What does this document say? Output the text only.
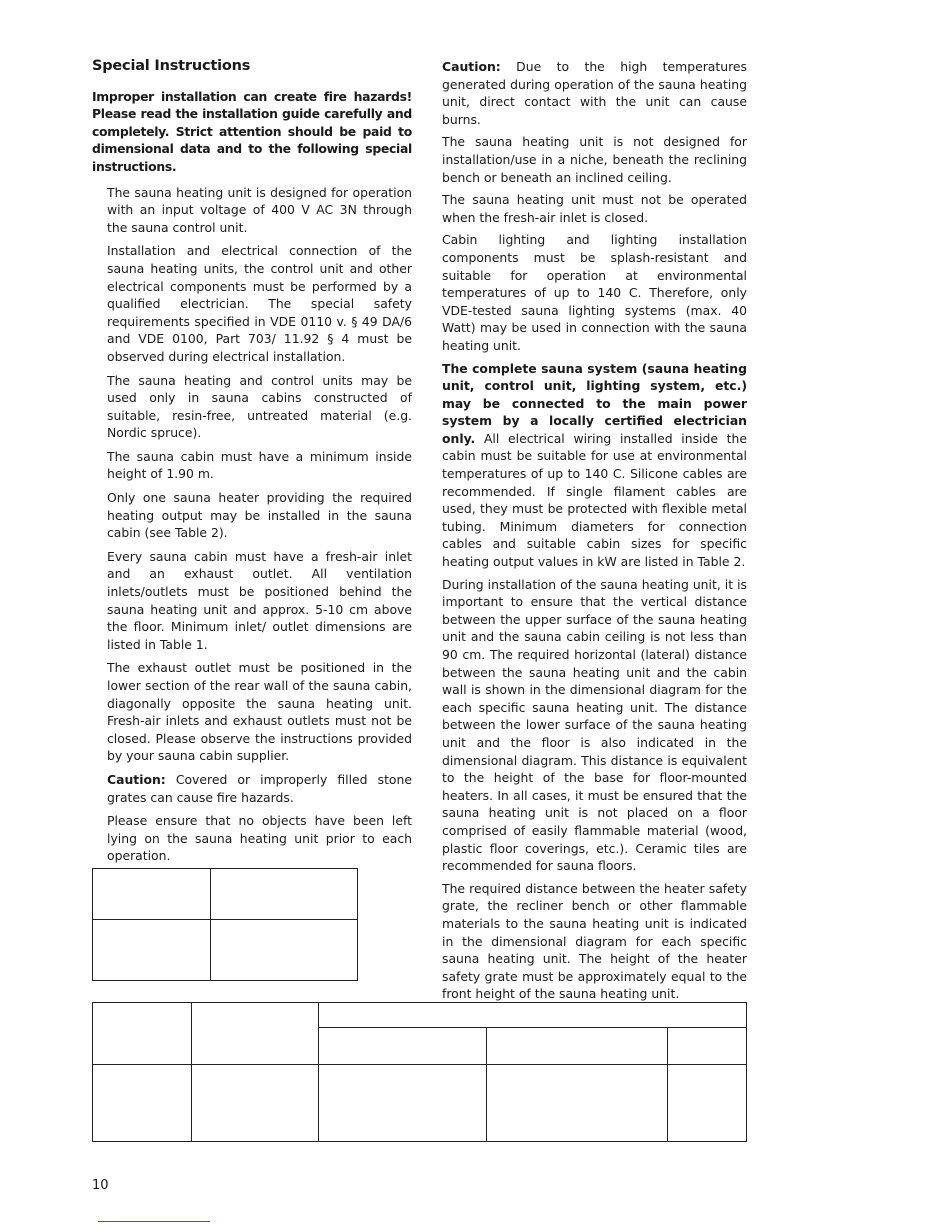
Special Instructions

Improper installation can create fire hazards! Please read the installation guide carefully and completely. Strict attention should be paid to dimensional data and to the following special instructions.

The sauna heating unit is designed for operation with an input voltage of 400 V AC 3N through the sauna control unit.

Installation and electrical connection of the sauna heating units, the control unit and other electrical components must be performed by a qualified electrician. The special safety requirements specified in VDE 0110 v. § 49 DA/6 and VDE 0100, Part 703/ 11.92 § 4 must be observed during electrical installation.

The sauna heating and control units may be used only in sauna cabins constructed of suitable, resin-free, untreated material (e.g. Nordic spruce).

The sauna cabin must have a minimum inside height of 1.90 m.

Only one sauna heater providing the required heating output may be installed in the sauna cabin (see Table 2).

Every sauna cabin must have a fresh-air inlet and an exhaust outlet. All ventilation inlets/outlets must be positioned behind the sauna heating unit and approx. 5-10 cm above the floor. Minimum inlet/ outlet dimensions are listed in Table 1.

The exhaust outlet must be positioned in the lower section of the rear wall of the sauna cabin, diagonally opposite the sauna heating unit. Fresh-air inlets and exhaust outlets must not be closed. Please observe the instructions provided by your sauna cabin supplier.

Caution: Covered or improperly filled stone grates can cause fire hazards.

Please ensure that no objects have been left lying on the sauna heating unit prior to each operation.

Caution: Due to the high temperatures generated during operation of the sauna heating unit, direct contact with the unit can cause burns.

The sauna heating unit is not designed for installation/use in a niche, beneath the reclining bench or beneath an inclined ceiling.

The sauna heating unit must not be operated when the fresh-air inlet is closed.

Cabin lighting and lighting installation components must be splash-resistant and suitable for operation at environmental temperatures of up to 140 C. Therefore, only VDE-tested sauna lighting systems (max. 40 Watt) may be used in connection with the sauna heating unit.

The complete sauna system (sauna heating unit, control unit, lighting system, etc.) may be connected to the main power system by a locally certified electrician only. All electrical wiring installed inside the cabin must be suitable for use at environmental temperatures of up to 140 C. Silicone cables are recommended. If single filament cables are used, they must be protected with flexible metal tubing. Minimum diameters for connection cables and suitable cabin sizes for specific heating output values in kW are listed in Table 2.

During installation of the sauna heating unit, it is important to ensure that the vertical distance between the upper surface of the sauna heating unit and the sauna cabin ceiling is not less than 90 cm. The required horizontal (lateral) distance between the sauna heating unit and the cabin wall is shown in the dimensional diagram for the each specific sauna heating unit. The distance between the lower surface of the sauna heating unit and the floor is also indicated in the dimensional diagram. This distance is equivalent to the height of the base for floor-mounted heaters. In all cases, it must be ensured that the sauna heating unit is not placed on a floor comprised of easily flammable material (wood, plastic floor coverings, etc.). Ceramic tiles are recommended for sauna floors.

The required distance between the heater safety grate, the recliner bench or other flammable materials to the sauna heating unit is indicated in the dimensional diagram for each specific sauna heating unit. The height of the heater safety grate must be approximately equal to the front height of the sauna heating unit.

10
